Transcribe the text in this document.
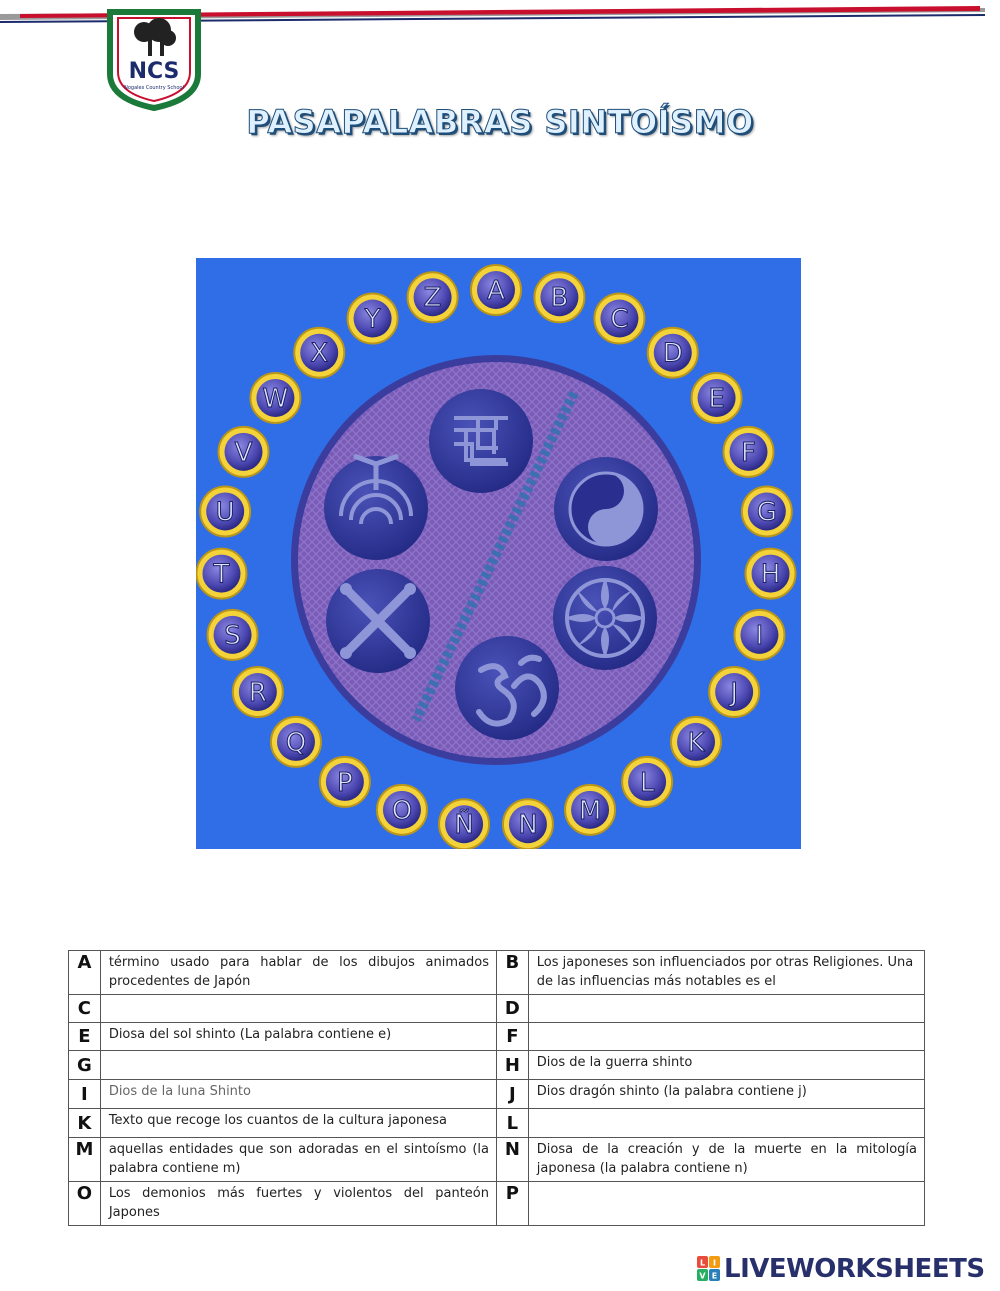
NCS
Nogales Country School
PASAPALABRAS SINTOÍSMO
A B
C
D
E
F
G
H
I
J
K
L
M
N
Ñ
O
P
Q
R
S
T
U
V
W
X
Y
Z
A	término usado para hablar de los dibujos animados procedentes de Japón	B	Los japoneses son influenciados por otras Religiones. Una de las influencias más notables es el
C		D	
E	Diosa del sol shinto (La palabra contiene e)	F	
G		H	Dios de la guerra shinto
I	Dios de la luna Shinto	J	Dios dragón shinto (la palabra contiene j)
K	Texto que recoge los cuantos de la cultura japonesa	L	
M	aquellas entidades que son adoradas en el sintoísmo (la palabra contiene m)	N	Diosa de la creación y de la muerte en la mitología japonesa (la palabra contiene n)
O	Los demonios más fuertes y violentos del panteón Japones	P	
L I
V E LIVEWORKSHEETS
